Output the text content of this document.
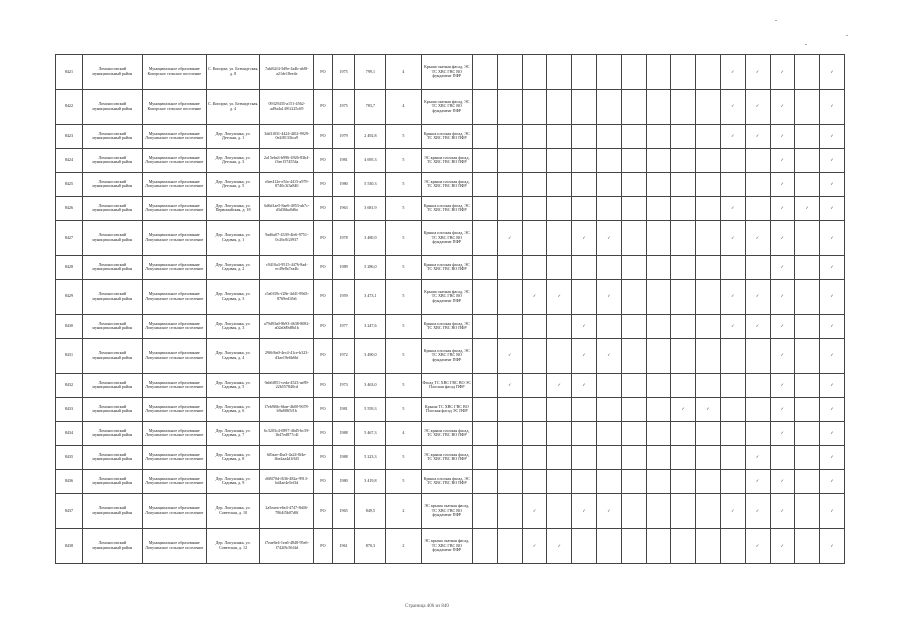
8421	Ломоносовский муниципальный район	Муниципальное образование Копорское сельское поселение	С. Копорье, ул. Безмидтская, д. 8	7abf62f4-5d9e-4a4b-ab8f-a21de18ee4e	РО	1975	799,1	4	Крыша скатная фасад, ЭС ТС ХВС ГВС ВО фундамент ПФР											✓	✓	✓		✓
8422	Ломоносовский муниципальный район	Муниципальное образование Копорское сельское поселение	С. Копорье, ул. Безмидтская, д. 4	09329435-a151-4562-ad9a4a1491f225c69	РО	1975	783,7	4	Крыша скатная фасад, ЭС ТС ХВС ГВС ВО фундамент ПФР											✓	✓	✓		✓
8423	Ломоносовский муниципальный район	Муниципальное образование Лопухинское сельское поселение	Дер. Лопухинка, ул. Детская, д. 1	3dd1f031-4424-4f02-9929-0e2f8133fca9	РО	1979	2 492,8	5	Крыша плоская фасад, ЭС ТС ХВС ГВС ВО ПФР											✓	✓	✓		✓
8424	Ломоносовский муниципальный район	Муниципальное образование Лопухинское сельское поселение	Дер. Лопухинка, ул. Детская, д. 3	2a15eba3-b996-4926-83b4-f3ee1574554a	РО	1981	4 695,3	5	ЭС крыша плоская фасад, ТС ХВС ГВС ВО ПФР													✓		✓
8425	Ломоносовский муниципальный район	Муниципальное образование Лопухинское сельское поселение	Дер. Лопухинка, ул. Детская, д. 5	c6ee412e-e5fa-4415-a979-8740c3f3a840	РО	1980	5 530,3	5	ЭС крыша плоская фасад, ТС ХВС ГВС ВО ПФР													✓		✓
8426	Ломоносовский муниципальный район	Муниципальное образование Лопухинское сельское поселение	Дер. Лопухинка, ул. Первомайская, д. 18	6d6d1ae5-8ae6-4853-ab7c-d3d36ba0d6a	РО	1963	3 681,9	5	Крыша плоская фасад, ЭС ТС ХВС ГВС ВО ПФР											✓		✓	✓	✓
8427	Ломоносовский муниципальный район	Муниципальное образование Лопухинское сельское поселение	Дер. Лопухинка, ул. Садовая, д. 1	9ad6a07-4339-4fe6-9751-0c26c0f2f937	РО	1978	3 480,9	5	Крыша плоская фасад, ЭС ТС ХВС ГВС ВО фундамент ПФР		✓			✓	✓					✓	✓	✓		✓
8428	Ломоносовский муниципальный район	Муниципальное образование Лопухинское сельское поселение	Дер. Лопухинка, ул. Садовая, д. 2	c9410a3-9515-4476-8ad-ec49e8a7ea4b	РО	1989	5 286,0	5	Крыша плоская фасад, ЭС ТС ХВС ГВС ВО ПФР													✓		✓
8429	Ломоносовский муниципальный район	Муниципальное образование Лопухинское сельское поселение	Дер. Лопухинка, ул. Садовая, д. 3	c5a0f39c-f28e-4d41-99d3-8769ed1fb6	РО	1959	3 473,1	5	Крыша скатная фасад, ЭС ТС ХВС ГВС ВО фундамент ПФР			✓	✓		✓					✓	✓	✓		✓
8430	Ломоносовский муниципальный район	Муниципальное образование Лопухинское сельское поселение	Дер. Лопухинка, ул. Садовая, д. 3	a79d93a0-8b93-4638-8082-a02a0d9d8b1b	РО	1977	3 247,6	5	Крыша плоская фасад, ЭС ТС ХВС ГВС ВО ПФР					✓						✓	✓	✓		✓
8431	Ломоносовский муниципальный район	Муниципальное образование Лопухинское сельское поселение	Дер. Лопухинка, ул. Садовая, д. 4	29f6f6a0-4ec4-41ce-b323-d3ae19e6b6bf	РО	1972	3 490,0	5	Крыша плоская фасад, ЭС ТС ХВС ГВС ВО фундамент ПФР		✓			✓	✓							✓		✓
8432	Ломоносовский муниципальный район	Муниципальное образование Лопухинское сельское поселение	Дер. Лопухинка, ул. Садовая, д. 5	9ab6f851-ceda-4523-ae89-22b557840cd	РО	1973	3 463,0	5	Фасад ТС ХВС ГВС ВО ЭС Плоская фасад ПФР		✓		✓	✓								✓		✓
8433	Ломоносовский муниципальный район	Муниципальное образование Лопухинское сельское поселение	Дер. Лопухинка, ул. Садовая, д. 6	f7eb9f6b-6bae-4b00-9678-b9a8f8f5f1b	РО	1981	5 559,3	5	Крыша ТС ХВС ГВС ВО Плоская фасад ЭС ПФР									✓	✓			✓		✓
8434	Ломоносовский муниципальный район	Муниципальное образование Лопухинское сельское поселение	Дер. Лопухинка, ул. Садовая, д. 7	6c3203c4-0897-46d5-bc59-1b47ed877c4f	РО	1988	5 467,3	4	ЭС крыша плоская фасад, ТС ХВС ГВС ВО ПФР													✓		✓
8435	Ломоносовский муниципальный район	Муниципальное образование Лопухинское сельское поселение	Дер. Лопухинка, ул. Садовая, д. 8	6f0aae-4ba3-4a24-8f4e-4be2aa4d1f6f5	РО	1988	5 223,3	5	ЭС крыша плоская фасад, ТС ХВС ГВС ВО ПФР												✓			✓
8436	Ломоносовский муниципальный район	Муниципальное образование Лопухинское сельское поселение	Дер. Лопухинка, ул. Садовая, д. 9	d68f70d-f636-482a-9913-bd4ae4e5ef3d	РО	1980	3 419,8	5	Крыша плоская фасад, ЭС ТС ХВС ГВС ВО ПФР												✓	✓		✓
8437	Ломоносовский муниципальный район	Муниципальное образование Лопухинское сельское поселение	Дер. Лопухинка, ул. Советская, д. 10	2a5eaea-e6e4-4747-8d46-7864f5b07d0f	РО	1965	849,5	2	ЭС крыша скатная фасад, ТС ХВС ГВС ВО фундамент ПФР			✓		✓	✓					✓	✓	✓		✓
8438	Ломоносовский муниципальный район	Муниципальное образование Лопухинское сельское поселение	Дер. Лопухинка, ул. Советская, д. 12	f7eae6e4-1ea6-4848-95e6-f742f8c56f4d	РО	1961	870,3	2	ЭС крыша скатная фасад, ТС ХВС ГВС ВО фундамент ПФР			✓	✓								✓	✓		✓
Страница 406 из 840
